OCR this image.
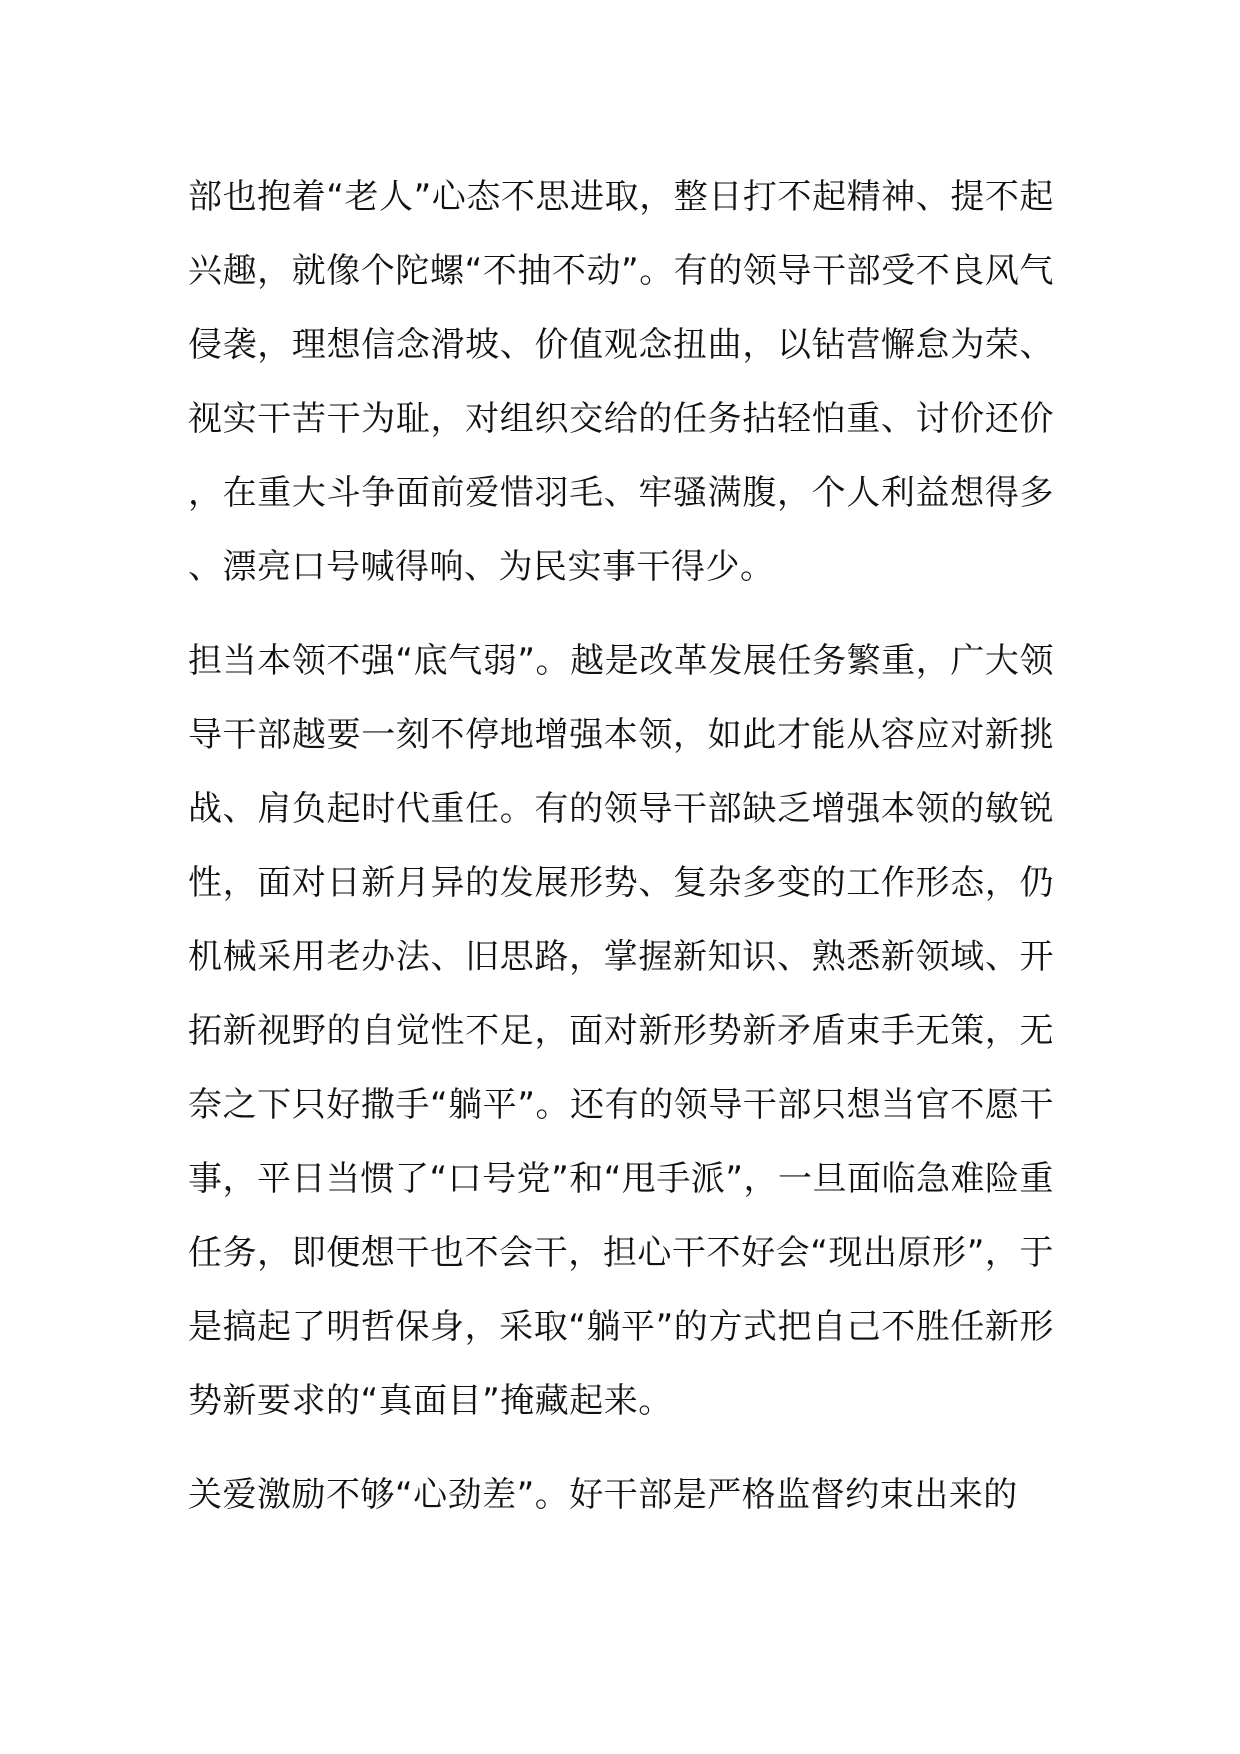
部也抱着“老人”心态不思进取，整日打不起精神、提不起兴趣，就像个陀螺“不抽不动”。有的领导干部受不良风气侵袭，理想信念滑坡、价值观念扭曲，以钻营懈怠为荣、视实干苦干为耻，对组织交给的任务拈轻怕重、讨价还价，在重大斗争面前爱惜羽毛、牢骚满腹，个人利益想得多、漂亮口号喊得响、为民实事干得少。

担当本领不强“底气弱”。越是改革发展任务繁重，广大领导干部越要一刻不停地增强本领，如此才能从容应对新挑战、肩负起时代重任。有的领导干部缺乏增强本领的敏锐性，面对日新月异的发展形势、复杂多变的工作形态，仍机械采用老办法、旧思路，掌握新知识、熟悉新领域、开拓新视野的自觉性不足，面对新形势新矛盾束手无策，无奈之下只好撒手“躺平”。还有的领导干部只想当官不愿干事，平日当惯了“口号党”和“甩手派”，一旦面临急难险重任务，即便想干也不会干，担心干不好会“现出原形”，于是搞起了明哲保身，采取“躺平”的方式把自己不胜任新形势新要求的“真面目”掩藏起来。

关爱激励不够“心劲差”。好干部是严格监督约束出来的
